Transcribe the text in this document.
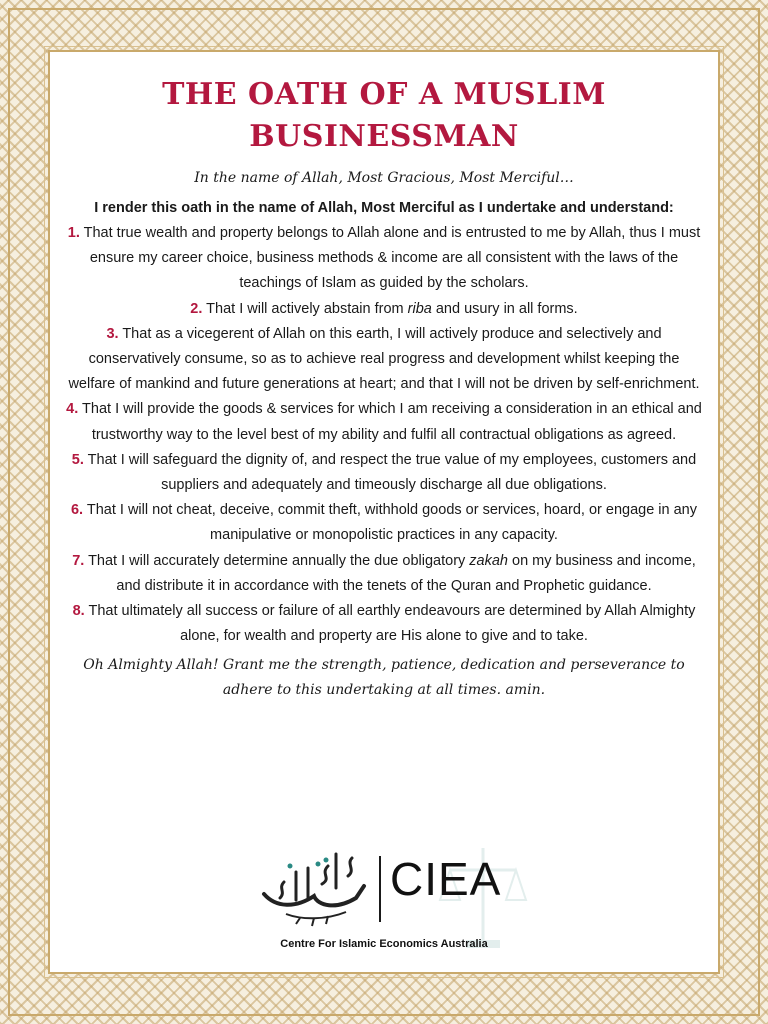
THE OATH OF A MUSLIM
BUSINESSMAN

In the name of Allah, Most Gracious, Most Merciful…

I render this oath in the name of Allah, Most Merciful as I undertake and understand:

1. That true wealth and property belongs to Allah alone and is entrusted to me by Allah, thus I must ensure my career choice, business methods & income are all consistent with the laws of the teachings of Islam as guided by the scholars.

2. That I will actively abstain from riba and usury in all forms.

3. That as a vicegerent of Allah on this earth, I will actively produce and selectively and conservatively consume, so as to achieve real progress and development whilst keeping the welfare of mankind and future generations at heart; and that I will not be driven by self-enrichment.

4. That I will provide the goods & services for which I am receiving a consideration in an ethical and trustworthy way to the level best of my ability and fulfil all contractual obligations as agreed.

5. That I will safeguard the dignity of, and respect the true value of my employees, customers and suppliers and adequately and timeously discharge all due obligations.

6. That I will not cheat, deceive, commit theft, withhold goods or services, hoard, or engage in any manipulative or monopolistic practices in any capacity.

7. That I will accurately determine annually the due obligatory zakah on my business and income, and distribute it in accordance with the tenets of the Quran and Prophetic guidance.

8. That ultimately all success or failure of all earthly endeavours are determined by Allah Almighty alone, for wealth and property are His alone to give and to take.

Oh Almighty Allah! Grant me the strength, patience, dedication and perseverance to adhere to this undertaking at all times. amin.

CIEA
Centre For Islamic Economics Australia
